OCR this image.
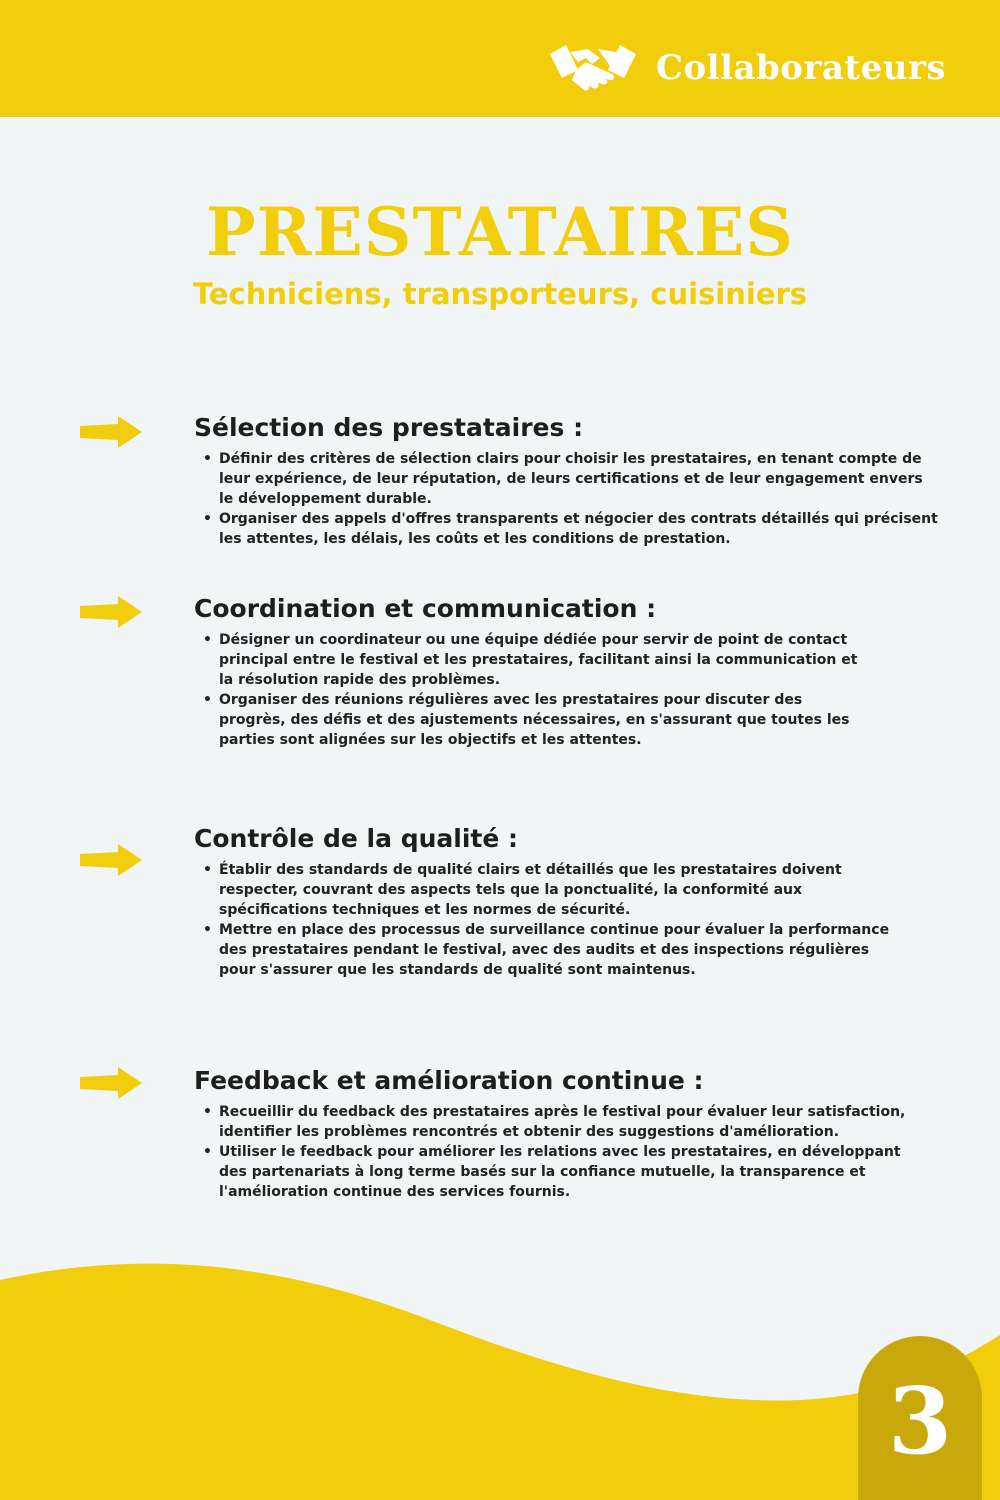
Collaborateurs
PRESTATAIRES

Techniciens, transporteurs, cuisiniers

Sélection des prestataires :
• Définir des critères de sélection clairs pour choisir les prestataires, en tenant compte de
leur expérience, de leur réputation, de leurs certifications et de leur engagement envers
le développement durable.
• Organiser des appels d'offres transparents et négocier des contrats détaillés qui précisent
les attentes, les délais, les coûts et les conditions de prestation.
Coordination et communication :
• Désigner un coordinateur ou une équipe dédiée pour servir de point de contact
principal entre le festival et les prestataires, facilitant ainsi la communication et
la résolution rapide des problèmes.
• Organiser des réunions régulières avec les prestataires pour discuter des
progrès, des défis et des ajustements nécessaires, en s'assurant que toutes les
parties sont alignées sur les objectifs et les attentes.
Contrôle de la qualité :
• Établir des standards de qualité clairs et détaillés que les prestataires doivent
respecter, couvrant des aspects tels que la ponctualité, la conformité aux
spécifications techniques et les normes de sécurité.
• Mettre en place des processus de surveillance continue pour évaluer la performance
des prestataires pendant le festival, avec des audits et des inspections régulières
pour s'assurer que les standards de qualité sont maintenus.
Feedback et amélioration continue :
• Recueillir du feedback des prestataires après le festival pour évaluer leur satisfaction,
identifier les problèmes rencontrés et obtenir des suggestions d'amélioration.
• Utiliser le feedback pour améliorer les relations avec les prestataires, en développant
des partenariats à long terme basés sur la confiance mutuelle, la transparence et
l'amélioration continue des services fournis.
3
